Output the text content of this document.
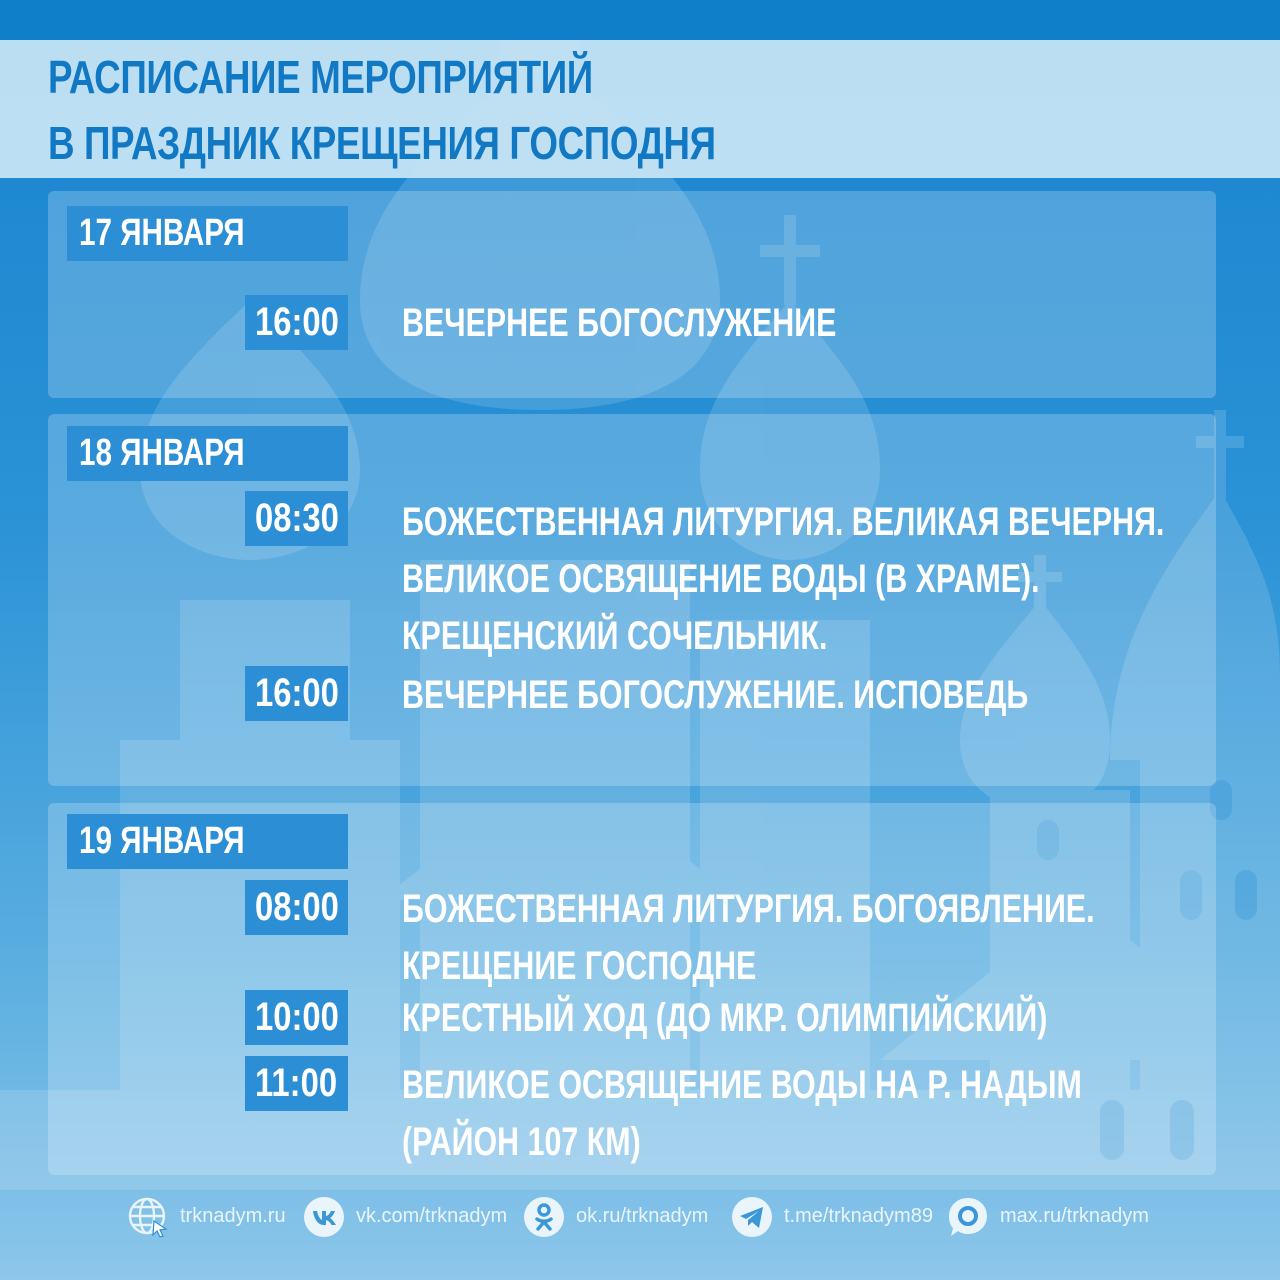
РАСПИСАНИЕ МЕРОПРИЯТИЙ
В ПРАЗДНИК КРЕЩЕНИЯ ГОСПОДНЯ
17 ЯНВАРЯ
16:00 ВЕЧЕРНЕЕ БОГОСЛУЖЕНИЕ

18 ЯНВАРЯ
08:30 БОЖЕСТВЕННАЯ ЛИТУРГИЯ. ВЕЛИКАЯ ВЕЧЕРНЯ.
ВЕЛИКОЕ ОСВЯЩЕНИЕ ВОДЫ (В ХРАМЕ).
КРЕЩЕНСКИЙ СОЧЕЛЬНИК.

16:00 ВЕЧЕРНЕЕ БОГОСЛУЖЕНИЕ. ИСПОВЕДЬ

19 ЯНВАРЯ
08:00 БОЖЕСТВЕННАЯ ЛИТУРГИЯ. БОГОЯВЛЕНИЕ.
КРЕЩЕНИЕ ГОСПОДНЕ

10:00 КРЕСТНЫЙ ХОД (ДО МКР. ОЛИМПИЙСКИЙ)

11:00 ВЕЛИКОЕ ОСВЯЩЕНИЕ ВОДЫ НА Р. НАДЫМ
(РАЙОН 107 КМ)

trknadym.ru	vk.com/trknadym	ok.ru/trknadym	t.me/trknadym89	max.ru/trknadym
